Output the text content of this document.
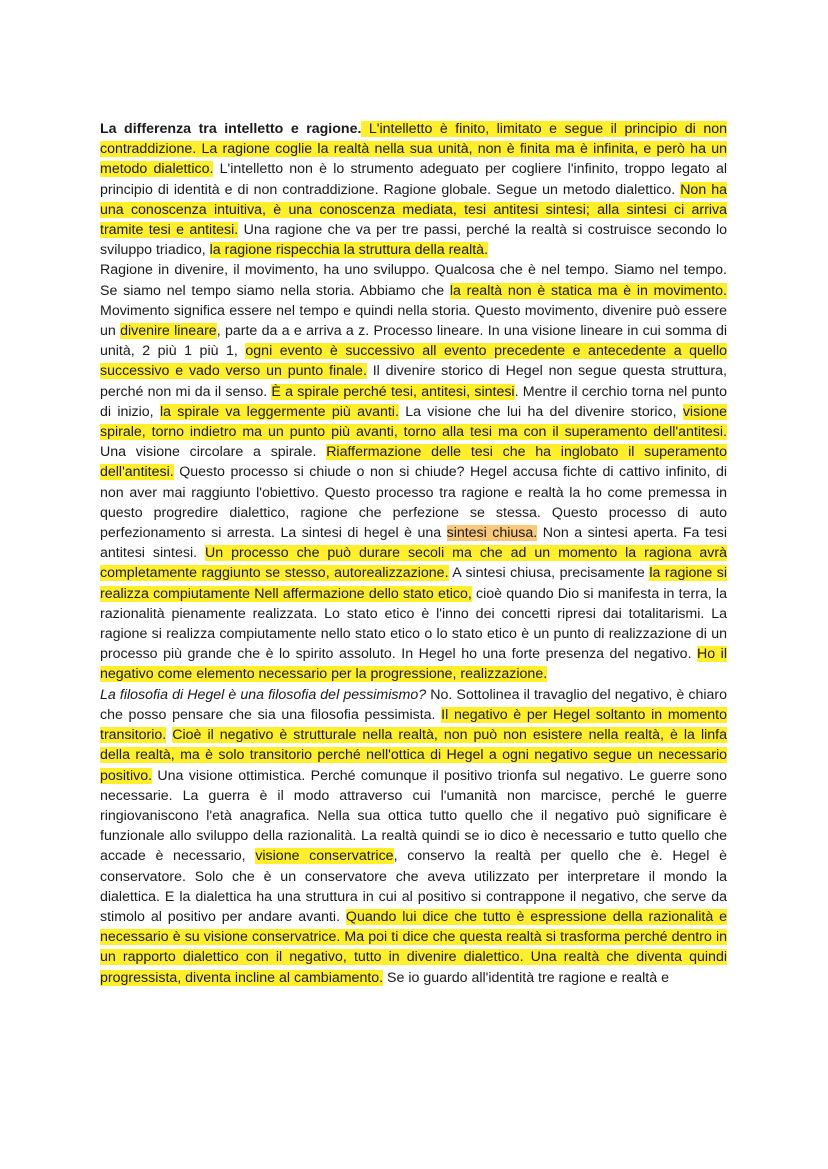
La differenza tra intelletto e ragione. L'intelletto è finito, limitato e segue il principio di non contraddizione. La ragione coglie la realtà nella sua unità, non è finita ma è infinita, e però ha un metodo dialettico. L'intelletto non è lo strumento adeguato per cogliere l'infinito, troppo legato al principio di identità e di non contraddizione. Ragione globale. Segue un metodo dialettico. Non ha una conoscenza intuitiva, è una conoscenza mediata, tesi antitesi sintesi; alla sintesi ci arriva tramite tesi e antitesi. Una ragione che va per tre passi, perché la realtà si costruisce secondo lo sviluppo triadico, la ragione rispecchia la struttura della realtà.

Ragione in divenire, il movimento, ha uno sviluppo. Qualcosa che è nel tempo. Siamo nel tempo. Se siamo nel tempo siamo nella storia. Abbiamo che la realtà non è statica ma è in movimento. Movimento significa essere nel tempo e quindi nella storia. Questo movimento, divenire può essere un divenire lineare, parte da a e arriva a z. Processo lineare. In una visione lineare in cui somma di unità, 2 più 1 più 1, ogni evento è successivo all evento precedente e antecedente a quello successivo e vado verso un punto finale. Il divenire storico di Hegel non segue questa struttura, perché non mi da il senso. È a spirale perché tesi, antitesi, sintesi. Mentre il cerchio torna nel punto di inizio, la spirale va leggermente più avanti. La visione che lui ha del divenire storico, visione spirale, torno indietro ma un punto più avanti, torno alla tesi ma con il superamento dell'antitesi. Una visione circolare a spirale. Riaffermazione delle tesi che ha inglobato il superamento dell'antitesi. Questo processo si chiude o non si chiude? Hegel accusa fichte di cattivo infinito, di non aver mai raggiunto l'obiettivo. Questo processo tra ragione e realtà la ho come premessa in questo progredire dialettico, ragione che perfezione se stessa. Questo processo di auto perfezionamento si arresta. La sintesi di hegel è una sintesi chiusa. Non a sintesi aperta. Fa tesi antitesi sintesi. Un processo che può durare secoli ma che ad un momento la ragiona avrà completamente raggiunto se stesso, autorealizzazione. A sintesi chiusa, precisamente la ragione si realizza compiutamente Nell affermazione dello stato etico, cioè quando Dio si manifesta in terra, la razionalità pienamente realizzata. Lo stato etico è l'inno dei concetti ripresi dai totalitarismi. La ragione si realizza compiutamente nello stato etico o lo stato etico è un punto di realizzazione di un processo più grande che è lo spirito assoluto. In Hegel ho una forte presenza del negativo. Ho il negativo come elemento necessario per la progressione, realizzazione.

La filosofia di Hegel è una filosofia del pessimismo? No. Sottolinea il travaglio del negativo, è chiaro che posso pensare che sia una filosofia pessimista. Il negativo è per Hegel soltanto in momento transitorio. Cioè il negativo è strutturale nella realtà, non può non esistere nella realtà, è la linfa della realtà, ma è solo transitorio perché nell'ottica di Hegel a ogni negativo segue un necessario positivo. Una visione ottimistica. Perché comunque il positivo trionfa sul negativo. Le guerre sono necessarie. La guerra è il modo attraverso cui l'umanità non marcisce, perché le guerre ringiovaniscono l'età anagrafica. Nella sua ottica tutto quello che il negativo può significare è funzionale allo sviluppo della razionalità. La realtà quindi se io dico è necessario e tutto quello che accade è necessario, visione conservatrice, conservo la realtà per quello che è. Hegel è conservatore. Solo che è un conservatore che aveva utilizzato per interpretare il mondo la dialettica. E la dialettica ha una struttura in cui al positivo si contrappone il negativo, che serve da stimolo al positivo per andare avanti. Quando lui dice che tutto è espressione della razionalità e necessario è su visione conservatrice. Ma poi ti dice che questa realtà si trasforma perché dentro in un rapporto dialettico con il negativo, tutto in divenire dialettico. Una realtà che diventa quindi progressista, diventa incline al cambiamento. Se io guardo all'identità tre ragione e realtà e
